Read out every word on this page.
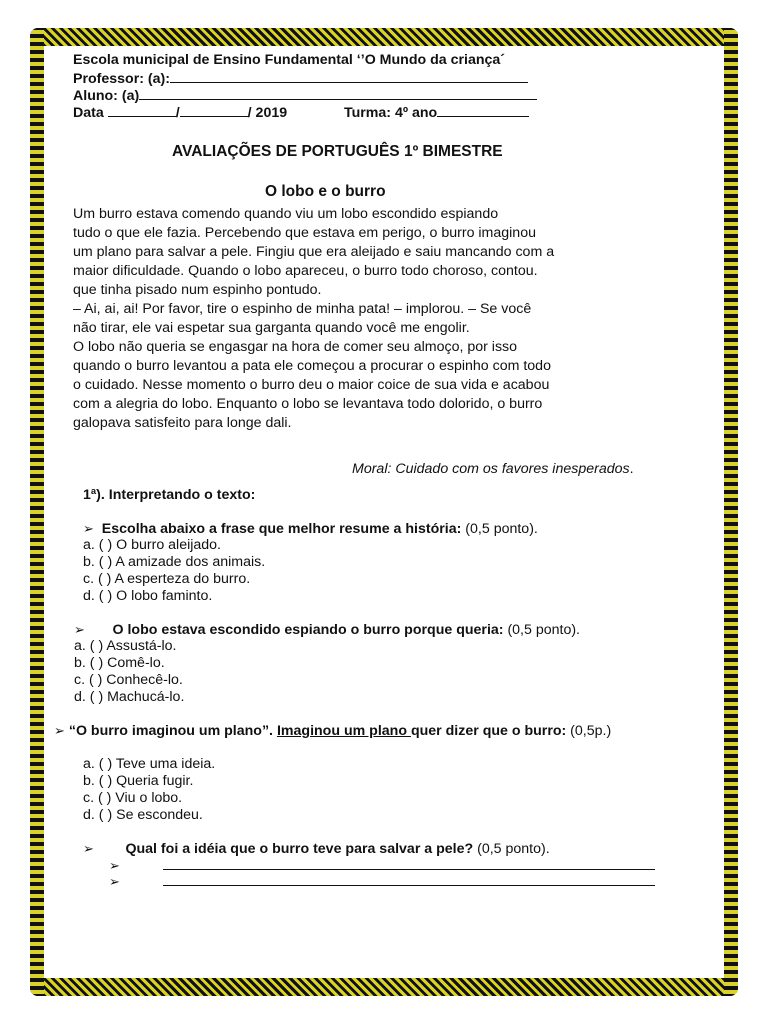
Escola municipal de Ensino Fundamental ‘’O Mundo da criança´
Professor: (a):
Aluno: (a)
Data	/	/ 2019	Turma: 4º ano
AVALIAÇÕES DE PORTUGUÊS 1º BIMESTRE
O lobo e o burro
Um burro estava comendo quando viu um lobo escondido espiando
tudo o que ele fazia. Percebendo que estava em perigo, o burro imaginou
um plano para salvar a pele. Fingiu que era aleijado e saiu mancando com a
maior dificuldade. Quando o lobo apareceu, o burro todo choroso, contou.
que tinha pisado num espinho pontudo.
– Ai, ai, ai! Por favor, tire o espinho de minha pata! – implorou. – Se você
não tirar, ele vai espetar sua garganta quando você me engolir.
O lobo não queria se engasgar na hora de comer seu almoço, por isso
quando o burro levantou a pata ele começou a procurar o espinho com todo
o cuidado. Nesse momento o burro deu o maior coice de sua vida e acabou
com a alegria do lobo. Enquanto o lobo se levantava todo dolorido, o burro
galopava satisfeito para longe dali.
Moral: Cuidado com os favores inesperados.
1ª). Interpretando o texto:
➢ Escolha abaixo a frase que melhor resume a história: (0,5 ponto).
a. ( ) O burro aleijado.
b. ( ) A amizade dos animais.
c. ( ) A esperteza do burro.
d. ( ) O lobo faminto.
➢ O lobo estava escondido espiando o burro porque queria: (0,5 ponto).
a. ( ) Assustá-lo.
b. ( ) Comê-lo.
c. ( ) Conhecê-lo.
d. ( ) Machucá-lo.
➢ “O burro imaginou um plano”. Imaginou um plano quer dizer que o burro: (0,5p.)
a. ( ) Teve uma ideia.
b. ( ) Queria fugir.
c. ( ) Viu o lobo.
d. ( ) Se escondeu.
➢ Qual foi a idéia que o burro teve para salvar a pele? (0,5 ponto).
➢
➢
